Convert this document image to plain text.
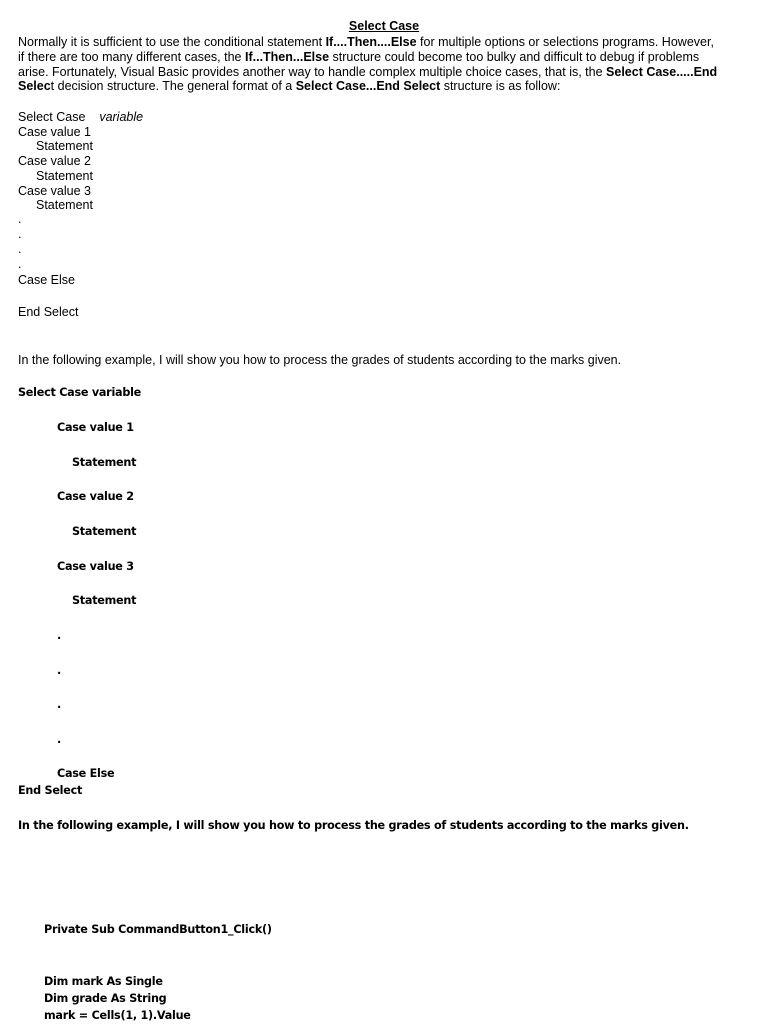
Select Case

Normally it is sufficient to use the conditional statement If....Then....Else for multiple options or selections programs. However,

if there are too many different cases, the If...Then...Else structure could become too bulky and difficult to debug if problems

arise. Fortunately, Visual Basic provides another way to handle complex multiple choice cases, that is, the Select Case.....End

Select decision structure. The general format of a Select Case...End Select structure is as follow:

Select Case variable
Case value 1
Statement
Case value 2
Statement
Case value 3
Statement
.
.
.
.
Case Else
End Select
In the following example, I will show you how to process the grades of students according to the marks given.
Select Case variable
Case value 1
Statement
Case value 2
Statement
Case value 3
Statement
.
.
.
.
Case Else
End Select
In the following example, I will show you how to process the grades of students according to the marks given.
Private Sub CommandButton1_Click()
Dim mark As Single
Dim grade As String
mark = Cells(1, 1).Value
